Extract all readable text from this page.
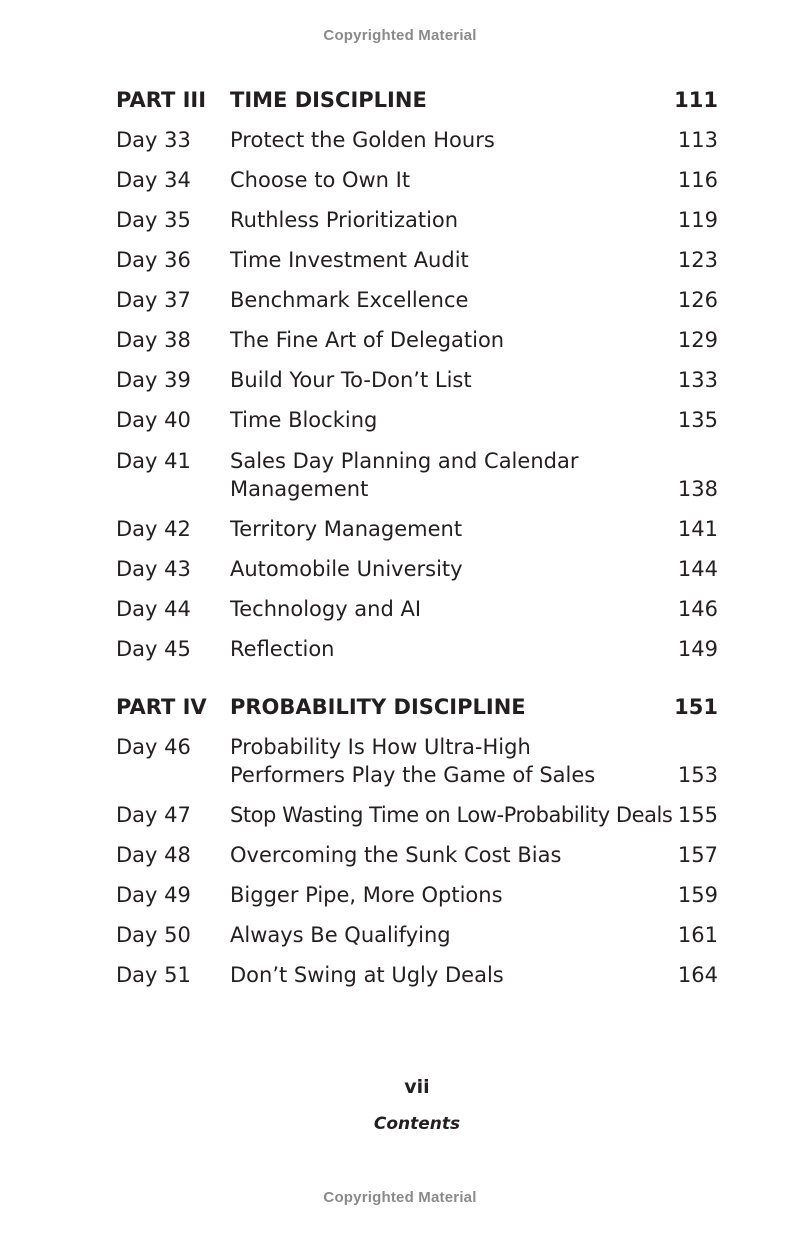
Copyrighted Material
PART III TIME DISCIPLINE	111
Day 33 Protect the Golden Hours	113
Day 34 Choose to Own It	116
Day 35 Ruthless Prioritization	119
Day 36 Time Investment Audit	123
Day 37 Benchmark Excellence	126
Day 38 The Fine Art of Delegation	129
Day 39 Build Your To-Don’t List	133
Day 40 Time Blocking	135
Day 41 Sales Day Planning and Calendar
Management	138
Day 42 Territory Management	141
Day 43 Automobile University	144
Day 44 Technology and AI	146
Day 45 Reflection	149
PART IV PROBABILITY DISCIPLINE	151
Day 46 Probability Is How Ultra-High
Performers Play the Game of Sales	153
Day 47 Stop Wasting Time on Low-Probability Deals 155
Day 48 Overcoming the Sunk Cost Bias	157
Day 49 Bigger Pipe, More Options	159
Day 50 Always Be Qualifying	161
Day 51 Don’t Swing at Ugly Deals	164
vii
Contents
Copyrighted Material
